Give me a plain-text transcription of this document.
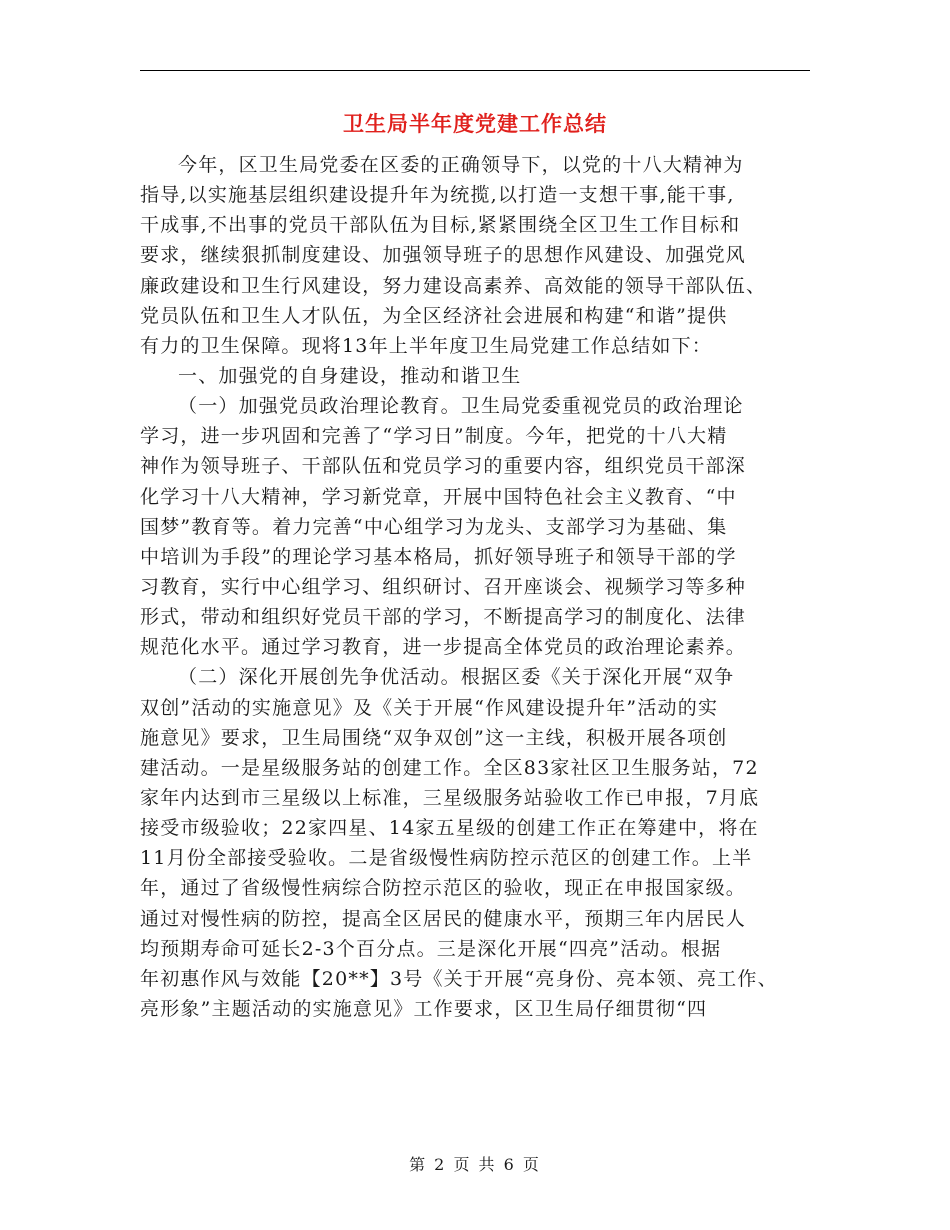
卫生局半年度党建工作总结
今年，区卫生局党委在区委的正确领导下，以党的十八大精神为
指导,以实施基层组织建设提升年为统揽,以打造一支想干事,能干事,
干成事,不出事的党员干部队伍为目标,紧紧围绕全区卫生工作目标和
要求，继续狠抓制度建设、加强领导班子的思想作风建设、加强党风
廉政建设和卫生行风建设，努力建设高素养、高效能的领导干部队伍、
党员队伍和卫生人才队伍，为全区经济社会进展和构建“和谐”提供
有力的卫生保障。现将13年上半年度卫生局党建工作总结如下：
一、加强党的自身建设，推动和谐卫生
（一）加强党员政治理论教育。卫生局党委重视党员的政治理论
学习，进一步巩固和完善了“学习日”制度。今年，把党的十八大精
神作为领导班子、干部队伍和党员学习的重要内容，组织党员干部深
化学习十八大精神，学习新党章，开展中国特色社会主义教育、“中
国梦”教育等。着力完善“中心组学习为龙头、支部学习为基础、集
中培训为手段”的理论学习基本格局，抓好领导班子和领导干部的学
习教育，实行中心组学习、组织研讨、召开座谈会、视频学习等多种
形式，带动和组织好党员干部的学习，不断提高学习的制度化、法律
规范化水平。通过学习教育，进一步提高全体党员的政治理论素养。
（二）深化开展创先争优活动。根据区委《关于深化开展“双争
双创”活动的实施意见》及《关于开展“作风建设提升年”活动的实
施意见》要求，卫生局围绕“双争双创”这一主线，积极开展各项创
建活动。一是星级服务站的创建工作。全区83家社区卫生服务站，72
家年内达到市三星级以上标准，三星级服务站验收工作已申报，7月底
接受市级验收；22家四星、14家五星级的创建工作正在筹建中，将在
11月份全部接受验收。二是省级慢性病防控示范区的创建工作。上半
年，通过了省级慢性病综合防控示范区的验收，现正在申报国家级。
通过对慢性病的防控，提高全区居民的健康水平，预期三年内居民人
均预期寿命可延长2-3个百分点。三是深化开展“四亮”活动。根据
年初惠作风与效能【20**】3号《关于开展“亮身份、亮本领、亮工作、
亮形象”主题活动的实施意见》工作要求，区卫生局仔细贯彻“四
第 2 页 共 6 页
